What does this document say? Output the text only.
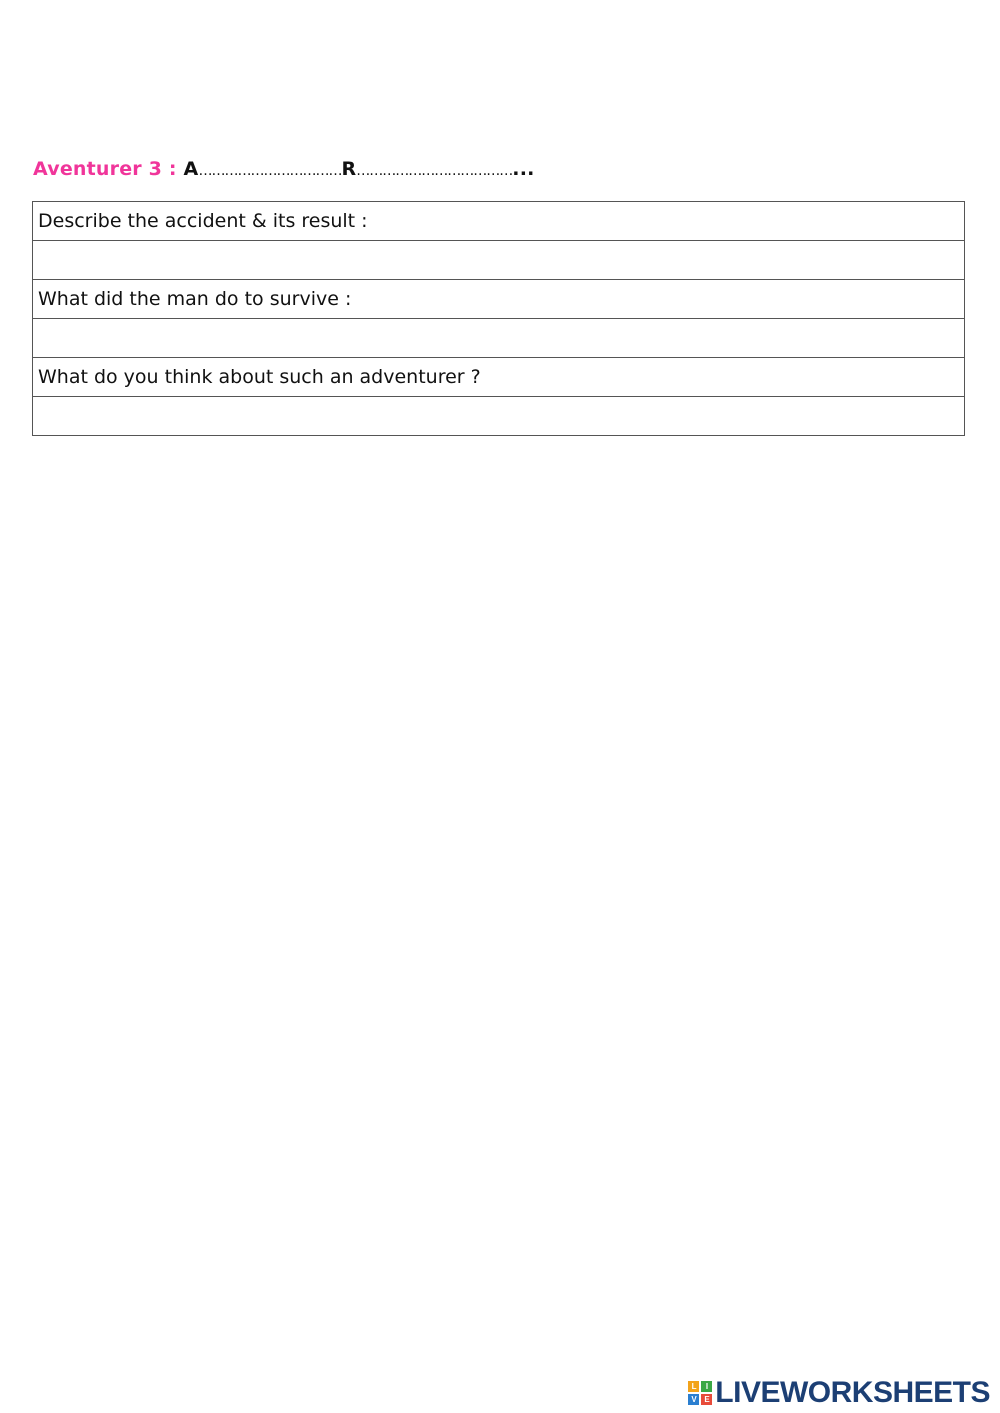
Aventurer 3 : A……………………………R………………………………...
Describe the accident & its result :

What did the man do to survive :

What do you think about such an adventurer ?

L	I
V	E LIVEWORKSHEETS
